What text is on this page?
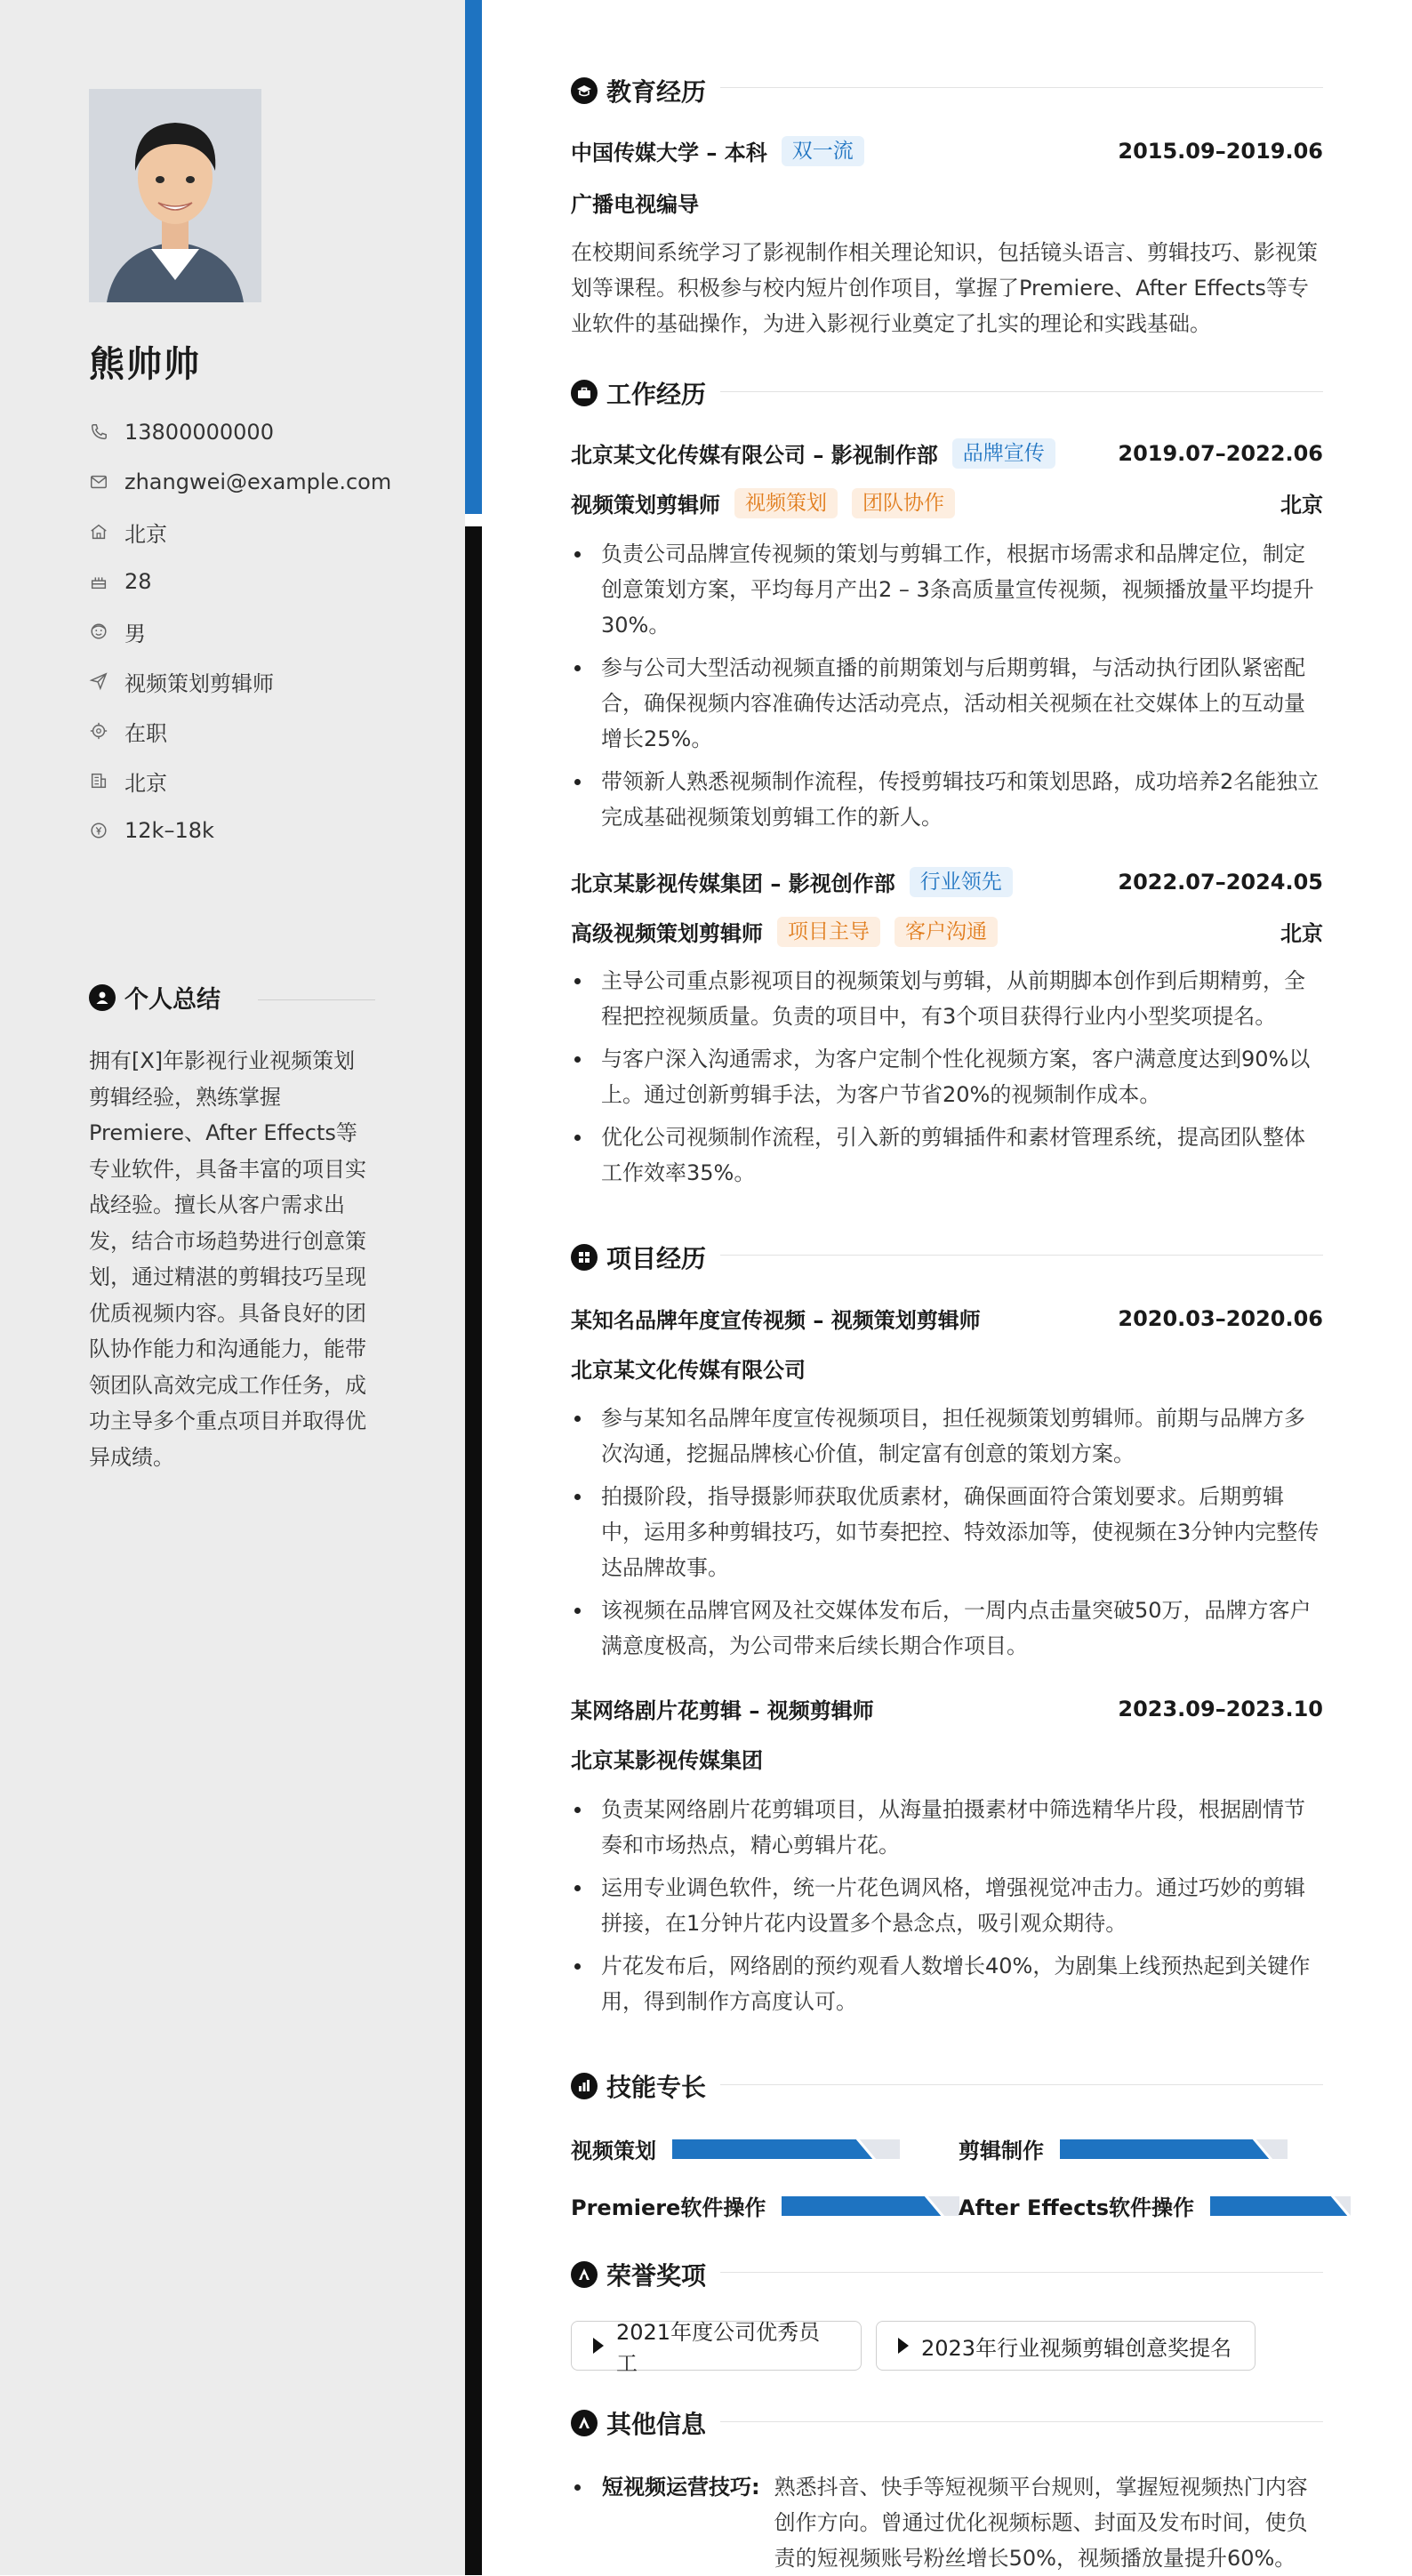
熊帅帅
13800000000
zhangwei@example.com
北京
28
男
视频策划剪辑师
在职
北京
12k–18k
个人总结
拥有[X]年影视行业视频策划剪辑经验，熟练掌握Premiere、After Effects等专业软件，具备丰富的项目实战经验。擅长从客户需求出发，结合市场趋势进行创意策划，通过精湛的剪辑技巧呈现优质视频内容。具备良好的团队协作能力和沟通能力，能带领团队高效完成工作任务，成功主导多个重点项目并取得优异成绩。
教育经历
中国传媒大学 – 本科	双一流	2015.09–2019.06
广播电视编导
在校期间系统学习了影视制作相关理论知识，包括镜头语言、剪辑技巧、影视策划等课程。积极参与校内短片创作项目，掌握了Premiere、After Effects等专业软件的基础操作，为进入影视行业奠定了扎实的理论和实践基础。
工作经历
北京某文化传媒有限公司 – 影视制作部	品牌宣传	2019.07–2022.06
视频策划剪辑师	视频策划	团队协作	北京
负责公司品牌宣传视频的策划与剪辑工作，根据市场需求和品牌定位，制定创意策划方案，平均每月产出2 – 3条高质量宣传视频，视频播放量平均提升30%。
参与公司大型活动视频直播的前期策划与后期剪辑，与活动执行团队紧密配合，确保视频内容准确传达活动亮点，活动相关视频在社交媒体上的互动量增长25%。
带领新人熟悉视频制作流程，传授剪辑技巧和策划思路，成功培养2名能独立完成基础视频策划剪辑工作的新人。
北京某影视传媒集团 – 影视创作部	行业领先	2022.07–2024.05
高级视频策划剪辑师	项目主导	客户沟通	北京
主导公司重点影视项目的视频策划与剪辑，从前期脚本创作到后期精剪，全程把控视频质量。负责的项目中，有3个项目获得行业内小型奖项提名。
与客户深入沟通需求，为客户定制个性化视频方案，客户满意度达到90%以上。通过创新剪辑手法，为客户节省20%的视频制作成本。
优化公司视频制作流程，引入新的剪辑插件和素材管理系统，提高团队整体工作效率35%。
项目经历
某知名品牌年度宣传视频 – 视频策划剪辑师	2020.03–2020.06
北京某文化传媒有限公司
参与某知名品牌年度宣传视频项目，担任视频策划剪辑师。前期与品牌方多次沟通，挖掘品牌核心价值，制定富有创意的策划方案。
拍摄阶段，指导摄影师获取优质素材，确保画面符合策划要求。后期剪辑中，运用多种剪辑技巧，如节奏把控、特效添加等，使视频在3分钟内完整传达品牌故事。
该视频在品牌官网及社交媒体发布后，一周内点击量突破50万，品牌方客户满意度极高，为公司带来后续长期合作项目。
某网络剧片花剪辑 – 视频剪辑师	2023.09–2023.10
北京某影视传媒集团
负责某网络剧片花剪辑项目，从海量拍摄素材中筛选精华片段，根据剧情节奏和市场热点，精心剪辑片花。
运用专业调色软件，统一片花色调风格，增强视觉冲击力。通过巧妙的剪辑拼接，在1分钟片花内设置多个悬念点，吸引观众期待。
片花发布后，网络剧的预约观看人数增长40%，为剧集上线预热起到关键作用，得到制作方高度认可。
技能专长
视频策划	剪辑制作
Premiere软件操作	After Effects软件操作
荣誉奖项
2021年度公司优秀员工
2023年行业视频剪辑创意奖提名
其他信息
短视频运营技巧: 熟悉抖音、快手等短视频平台规则，掌握短视频热门内容创作方向。曾通过优化视频标题、封面及发布时间，使负责的短视频账号粉丝增长50%，视频播放量提升60%。
